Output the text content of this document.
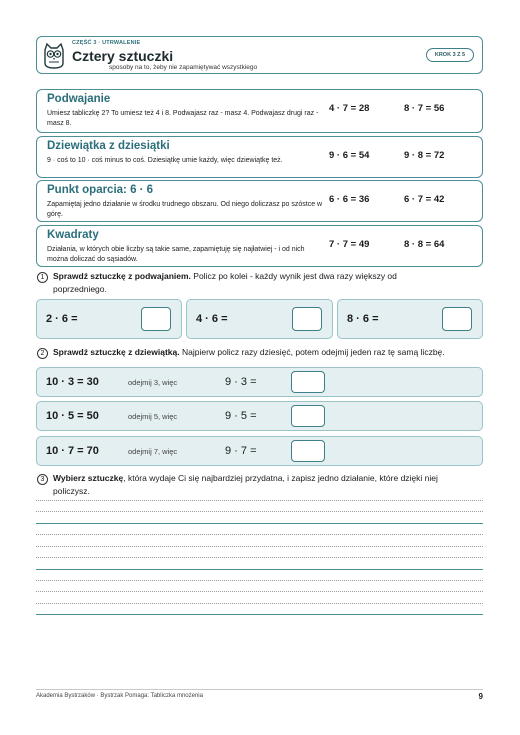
CZĘŚĆ 3 · UTRWALENIE
Cztery sztuczki
sposoby na to, żeby nie zapamiętywać wszystkiego
KROK 3 Z 5
Podwajanie
Umiesz tabliczkę 2? To umiesz też 4 i 8. Podwajasz raz - masz 4. Podwajasz drugi raz - masz 8.
4 · 7 = 28	8 · 7 = 56
Dziewiątka z dziesiątki
9 · coś to 10 · coś minus to coś. Dziesiątkę umie każdy, więc dziewiątkę też.	9 · 6 = 54	9 · 8 = 72
Punkt oparcia: 6 · 6
Zapamiętaj jedno działanie w środku trudnego obszaru. Od niego doliczasz po szóstce w górę.
6 · 6 = 36	6 · 7 = 42
Kwadraty
Działania, w których obie liczby są takie same, zapamiętuję się najłatwiej - i od nich można doliczać do sąsiadów.
7 · 7 = 49	8 · 8 = 64
1 Sprawdź sztuczkę z podwajaniem. Policz po kolei - każdy wynik jest dwa razy większy od
poprzedniego.
2 · 6 =	4 · 6 =	8 · 6 =
2 Sprawdź sztuczkę z dziewiątką. Najpierw policz razy dziesięć, potem odejmij jeden raz tę samą liczbę.
10 · 3 = 30	odejmij 3, więc	9 · 3 =
10 · 5 = 50	odejmij 5, więc	9 · 5 =
10 · 7 = 70	odejmij 7, więc	9 · 7 =
3 Wybierz sztuczkę, która wydaje Ci się najbardziej przydatna, i zapisz jedno działanie, które dzięki niej
policzysz.
Akademia Bystrzaków · Bystrzak Pomaga: Tabliczka mnożenia	9
